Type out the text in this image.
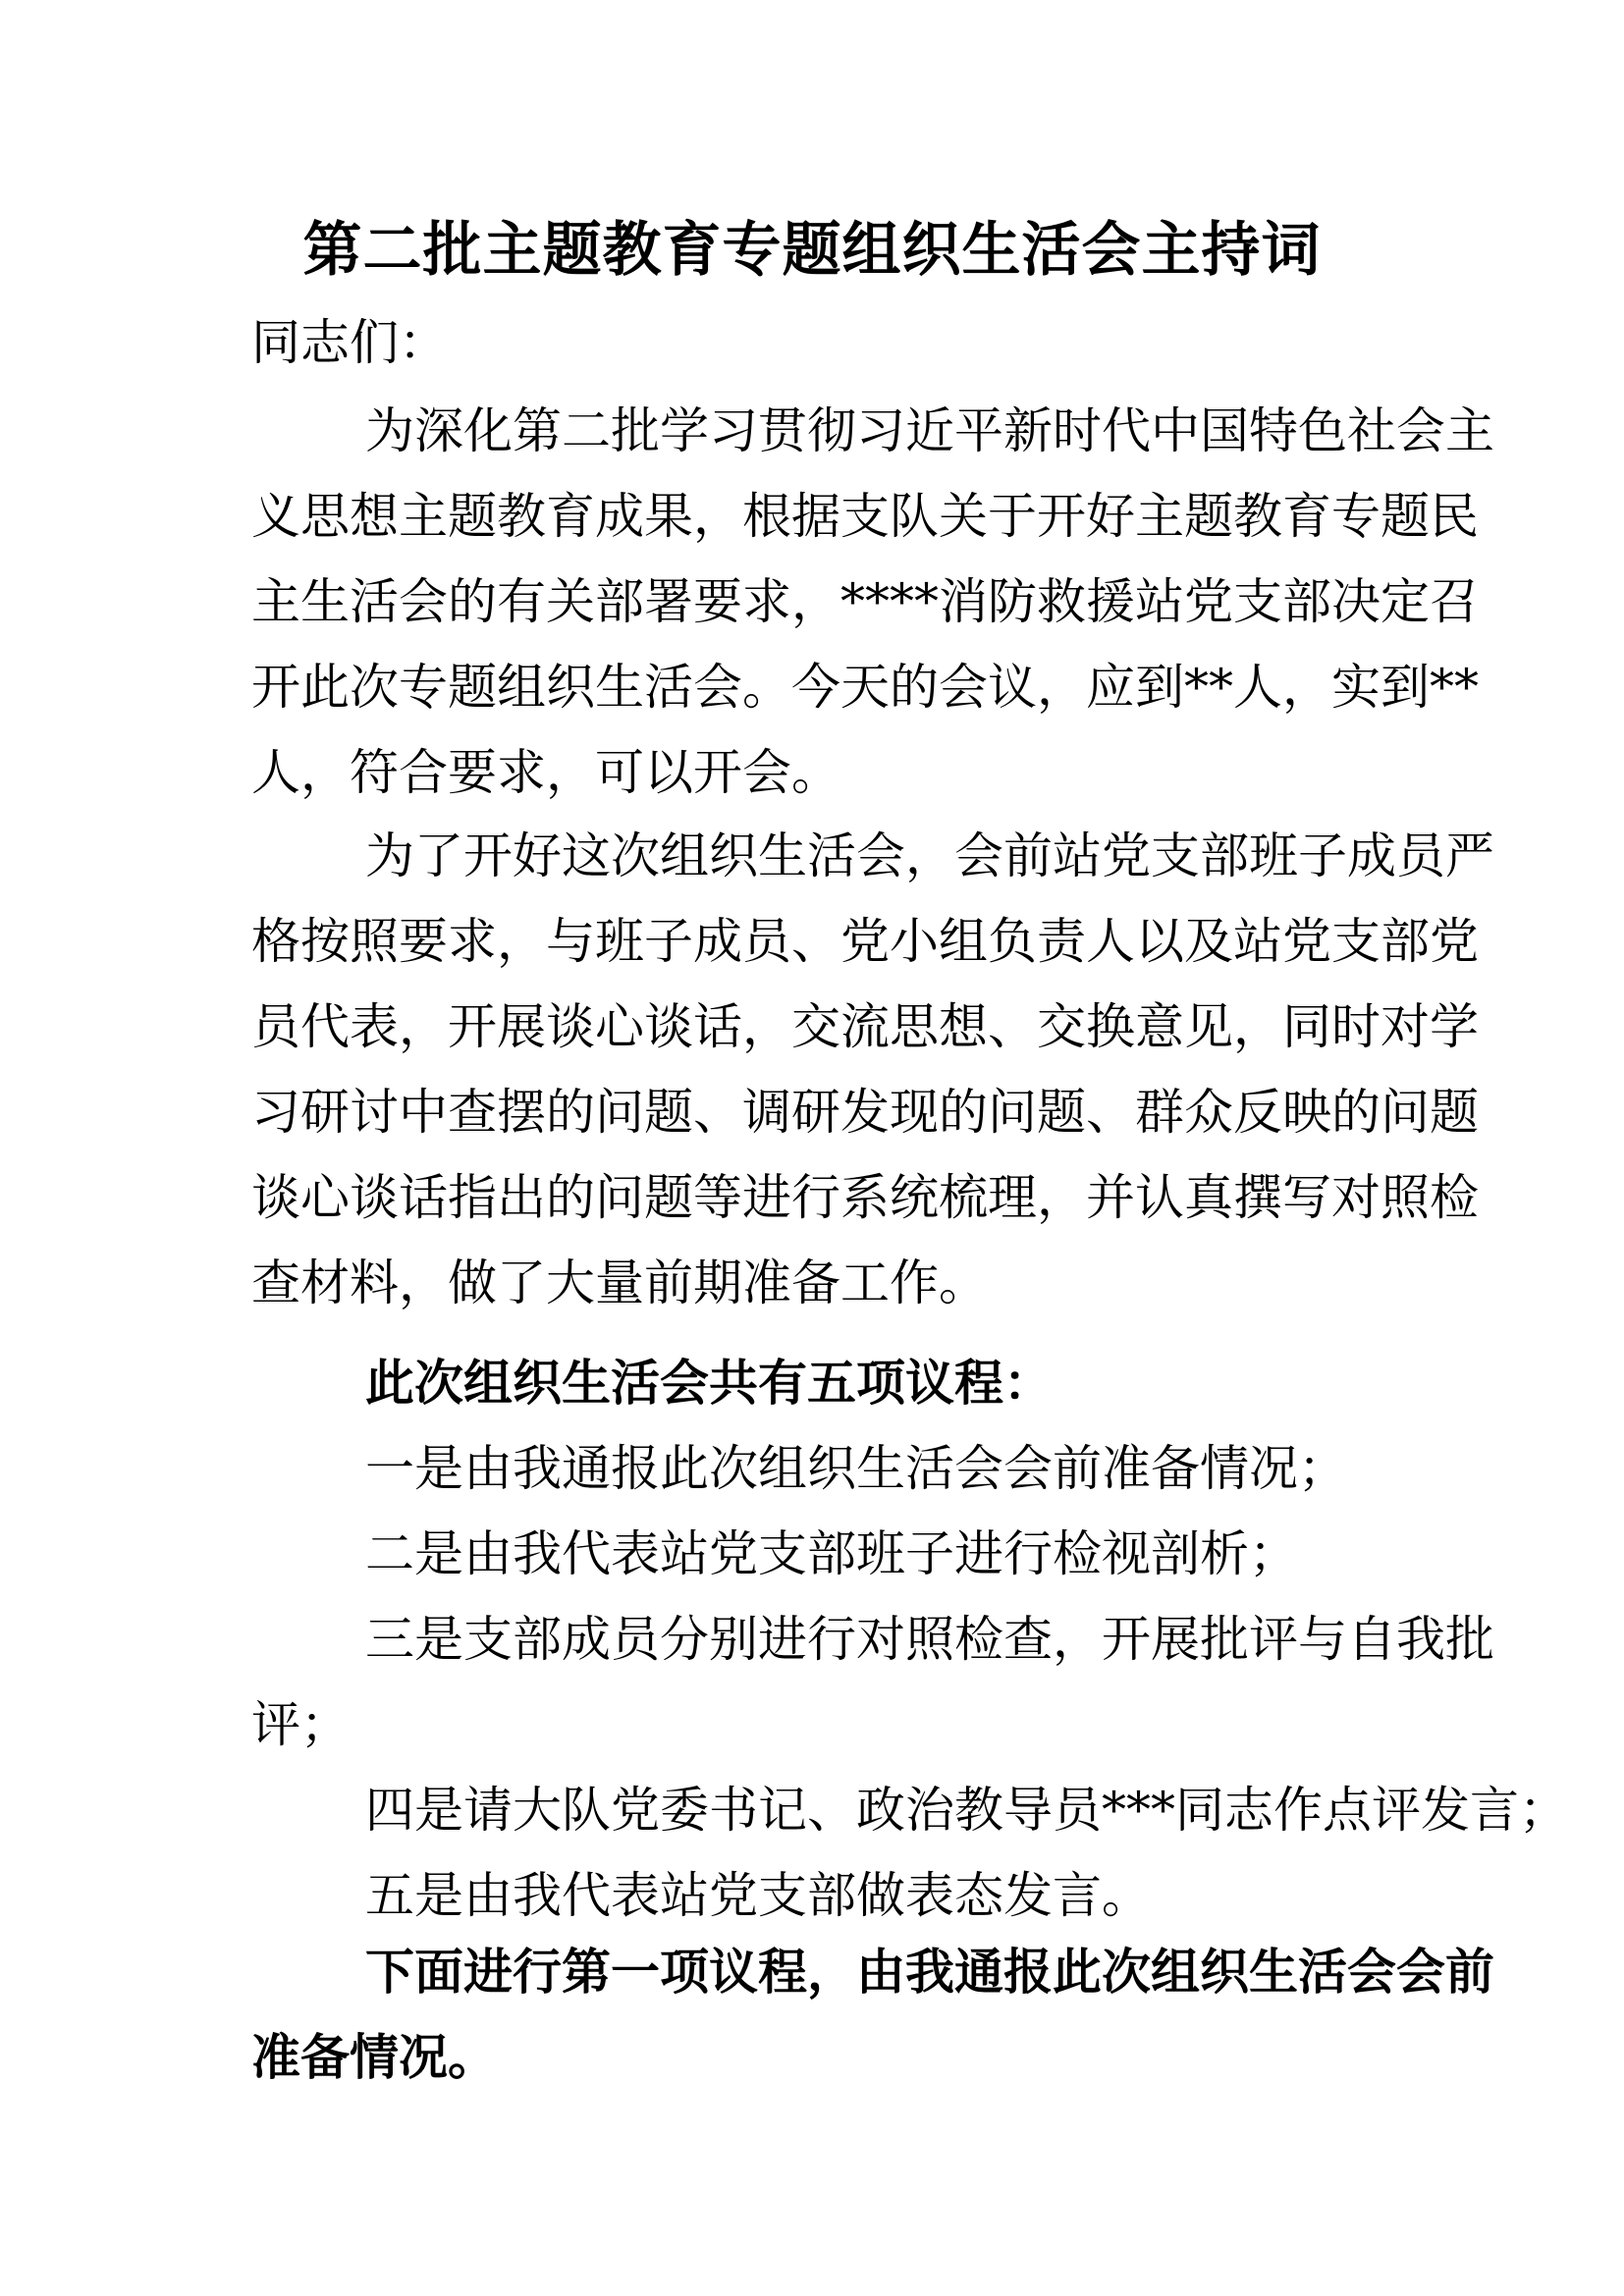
第二批主题教育专题组织生活会主持词
同志们：
为深化第二批学习贯彻习近平新时代中国特色社会主
义思想主题教育成果，根据支队关于开好主题教育专题民
主生活会的有关部署要求，****消防救援站党支部决定召
开此次专题组织生活会。今天的会议，应到**人，实到**
人，符合要求，可以开会。
为了开好这次组织生活会，会前站党支部班子成员严
格按照要求，与班子成员、党小组负责人以及站党支部党
员代表，开展谈心谈话，交流思想、交换意见，同时对学
习研讨中查摆的问题、调研发现的问题、群众反映的问题
谈心谈话指出的问题等进行系统梳理，并认真撰写对照检
查材料，做了大量前期准备工作。
此次组织生活会共有五项议程：
一是由我通报此次组织生活会会前准备情况；
二是由我代表站党支部班子进行检视剖析；
三是支部成员分别进行对照检查，开展批评与自我批
评；
四是请大队党委书记、政治教导员***同志作点评发言；
五是由我代表站党支部做表态发言。
下面进行第一项议程，由我通报此次组织生活会会前
准备情况。
